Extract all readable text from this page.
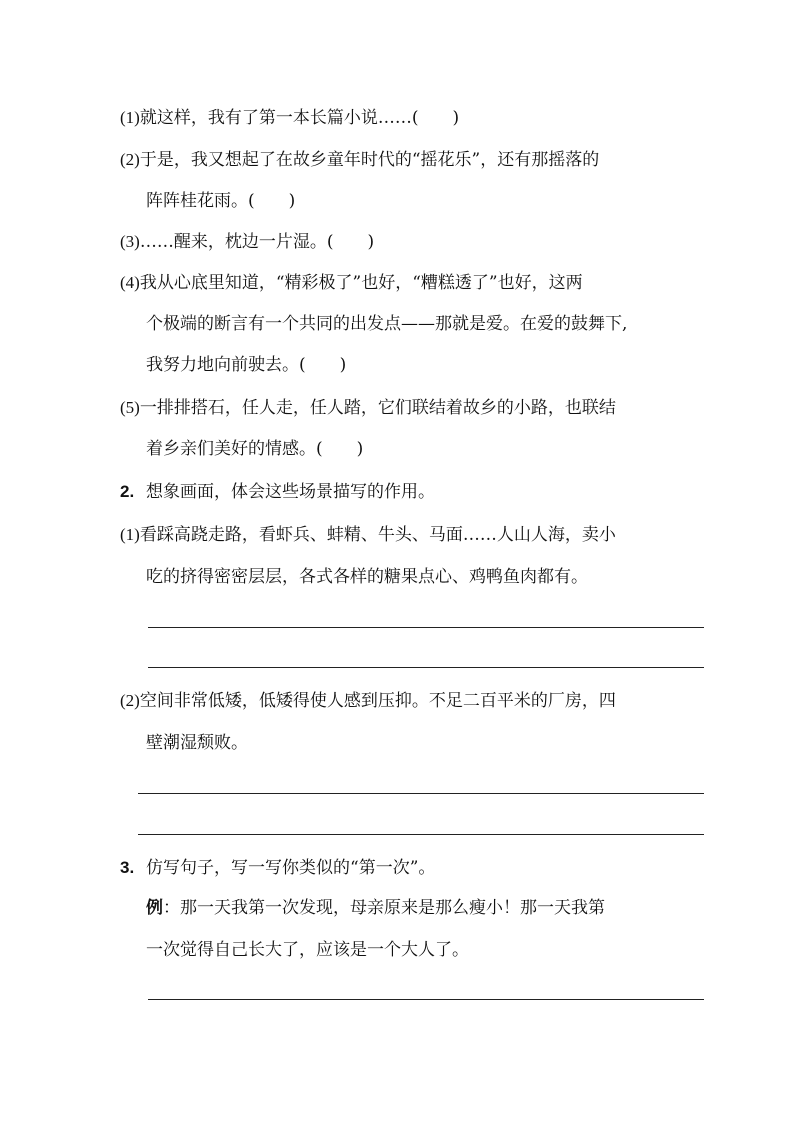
(1)就这样，我有了第一本长篇小说……(　　)
(2)于是，我又想起了在故乡童年时代的“摇花乐”，还有那摇落的
阵阵桂花雨。(　　)
(3)……醒来，枕边一片湿。(　　)
(4)我从心底里知道，“精彩极了”也好，“糟糕透了”也好，这两
个极端的断言有一个共同的出发点——那就是爱。在爱的鼓舞下,
我努力地向前驶去。(　　)
(5)一排排搭石，任人走，任人踏，它们联结着故乡的小路，也联结
着乡亲们美好的情感。(　　)
2. 想象画面，体会这些场景描写的作用。
(1)看踩高跷走路，看虾兵、蚌精、牛头、马面……人山人海，卖小
吃的挤得密密层层，各式各样的糖果点心、鸡鸭鱼肉都有。
(2)空间非常低矮，低矮得使人感到压抑。不足二百平米的厂房，四
壁潮湿颓败。
3. 仿写句子，写一写你类似的“第一次”。
例：那一天我第一次发现，母亲原来是那么瘦小！那一天我第
一次觉得自己长大了，应该是一个大人了。
